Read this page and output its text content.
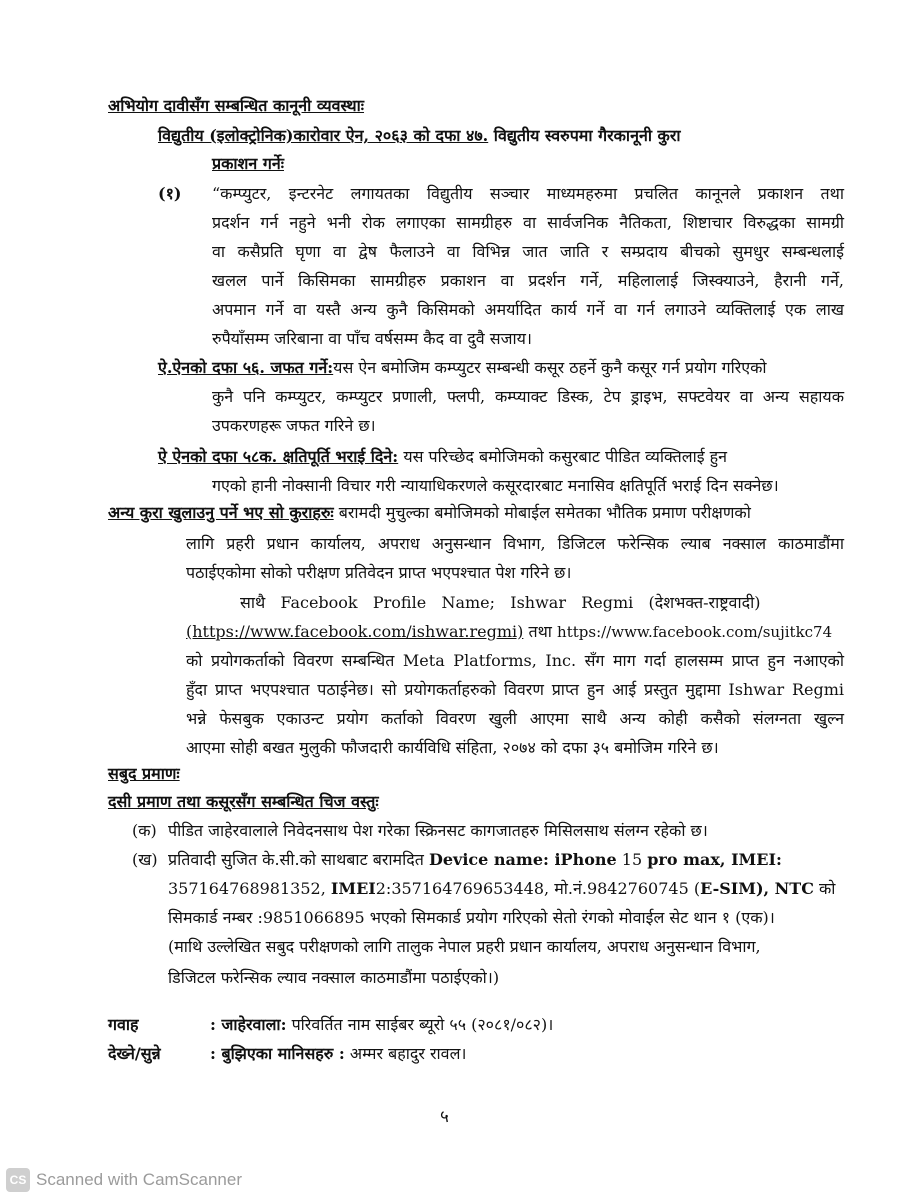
अभियोग दावीसँग सम्बन्धित कानूनी व्यवस्थाः
विद्युतीय (इलोक्ट्रोनिक)कारोवार ऐन, २०६३ को दफा ४७. विद्युतीय स्वरुपमा गैरकानूनी कुरा
प्रकाशन गर्नेः
(१) “कम्प्युटर, इन्टरनेट लगायतका विद्युतीय सञ्चार माध्यमहरुमा प्रचलित कानूनले प्रकाशन तथा
प्रदर्शन गर्न नहुने भनी रोक लगाएका सामग्रीहरु वा सार्वजनिक नैतिकता, शिष्टाचार विरुद्धका सामग्री
वा कसैप्रति घृणा वा द्वेष फैलाउने वा विभिन्न जात जाति र सम्प्रदाय बीचको सुमधुर सम्बन्धलाई
खलल पार्ने किसिमका सामग्रीहरु प्रकाशन वा प्रदर्शन गर्ने, महिलालाई जिस्क्याउने, हैरानी गर्ने,
अपमान गर्ने वा यस्तै अन्य कुनै किसिमको अमर्यादित कार्य गर्ने वा गर्न लगाउने व्यक्तिलाई एक लाख
रुपैयाँसम्म जरिबाना वा पाँच वर्षसम्म कैद वा दुवै सजाय।
ऐ.ऐनको दफा ५६. जफत गर्ने:यस ऐन बमोजिम कम्प्युटर सम्बन्धी कसूर ठहर्ने कुनै कसूर गर्न प्रयोग गरिएको
कुनै पनि कम्प्युटर, कम्प्युटर प्रणाली, फ्लपी, कम्प्याक्ट डिस्क, टेप ड्राइभ, सफ्टवेयर वा अन्य सहायक
उपकरणहरू जफत गरिने छ।
ऐ ऐनको दफा ५८क. क्षतिपूर्ति भराई दिने: यस परिच्छेद बमोजिमको कसुरबाट पीडित व्यक्तिलाई हुन
गएको हानी नोक्सानी विचार गरी न्यायाधिकरणले कसूरदारबाट मनासिव क्षतिपूर्ति भराई दिन सक्नेछ।
अन्य कुरा खुलाउनु पर्ने भए सो कुराहरुः बरामदी मुचुल्का बमोजिमको मोबाईल समेतका भौतिक प्रमाण परीक्षणको
लागि प्रहरी प्रधान कार्यालय, अपराध अनुसन्धान विभाग, डिजिटल फरेन्सिक ल्याब नक्साल काठमाडौंमा
पठाईएकोमा सोको परीक्षण प्रतिवेदन प्राप्त भएपश्चात पेश गरिने छ।
साथै   Facebook   Profile   Name;   Ishwar   Regmi   (देशभक्त-राष्ट्रवादी)
(https://www.facebook.com/ishwar.regmi) तथा https://www.facebook.com/sujitkc74
को प्रयोगकर्ताको विवरण सम्बन्धित Meta Platforms, Inc. सँग माग गर्दा हालसम्म प्राप्त हुन नआएको
हुँदा प्राप्त भएपश्चात पठाईनेछ। सो प्रयोगकर्ताहरुको विवरण प्राप्त हुन आई प्रस्तुत मुद्दामा Ishwar Regmi
भन्ने फेसबुक एकाउन्ट प्रयोग कर्ताको विवरण खुली आएमा साथै अन्य कोही कसैको संलग्नता खुल्न
आएमा सोही बखत मुलुकी फौजदारी कार्यविधि संहिता, २०७४ को दफा ३५ बमोजिम गरिने छ।
सबुद प्रमाणः
दसी प्रमाण तथा कसूरसँग सम्बन्धित चिज वस्तुः
(क) पीडित जाहेरवालाले निवेदनसाथ पेश गरेका स्क्रिनसट कागजातहरु मिसिलसाथ संलग्न रहेको छ।
(ख) प्रतिवादी सुजित के.सी.को साथबाट बरामदित Device name: iPhone 15 pro max, IMEI:
357164768981352, IMEI2:357164769653448, मो.नं.9842760745 (E-SIM), NTC को
सिमकार्ड नम्बर :9851066895 भएको सिमकार्ड प्रयोग गरिएको सेतो रंगको मोवाईल सेट थान १ (एक)।
(माथि उल्लेखित सबुद परीक्षणको लागि तालुक नेपाल प्रहरी प्रधान कार्यालय, अपराध अनुसन्धान विभाग,
डिजिटल फरेन्सिक ल्याव नक्साल काठमाडौंमा पठाईएको।)
गवाह	: जाहेरवाला: परिवर्तित नाम साईबर ब्यूरो ५५ (२०८१/०८२)।
देख्ने/सुन्ने	: बुझिएका मानिसहरु : अम्मर बहादुर रावल।
५
CS Scanned with CamScanner
